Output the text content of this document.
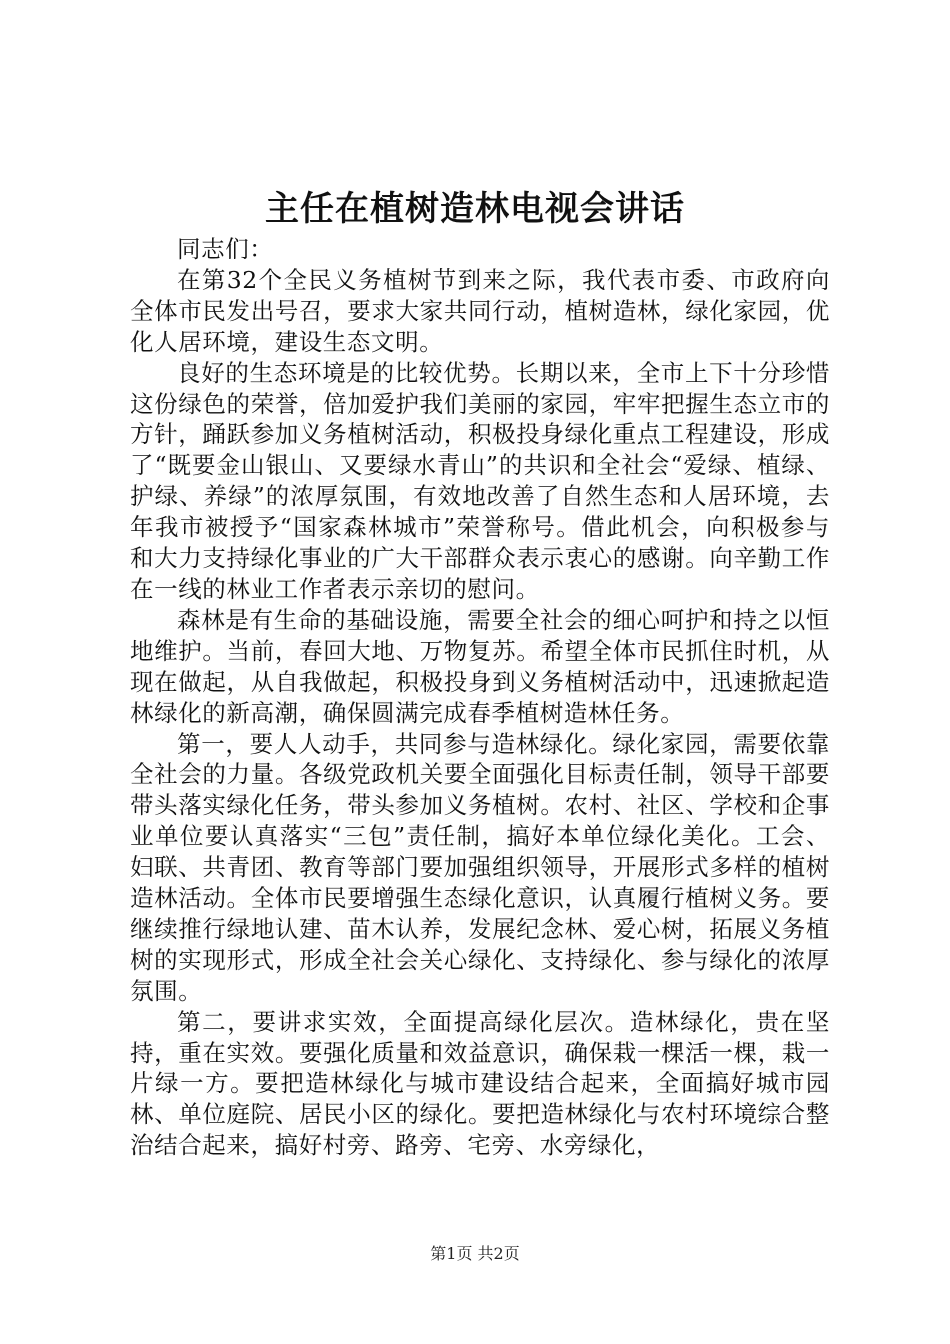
主任在植树造林电视会讲话

同志们：

在第32个全民义务植树节到来之际，我代表市委、市政府向全体市民发出号召，要求大家共同行动，植树造林，绿化家园，优化人居环境，建设生态文明。

良好的生态环境是的比较优势。长期以来，全市上下十分珍惜这份绿色的荣誉，倍加爱护我们美丽的家园，牢牢把握生态立市的方针，踊跃参加义务植树活动，积极投身绿化重点工程建设，形成了“既要金山银山、又要绿水青山”的共识和全社会“爱绿、植绿、护绿、养绿”的浓厚氛围，有效地改善了自然生态和人居环境，去年我市被授予“国家森林城市”荣誉称号。借此机会，向积极参与和大力支持绿化事业的广大干部群众表示衷心的感谢。向辛勤工作在一线的林业工作者表示亲切的慰问。

森林是有生命的基础设施，需要全社会的细心呵护和持之以恒地维护。当前，春回大地、万物复苏。希望全体市民抓住时机，从现在做起，从自我做起，积极投身到义务植树活动中，迅速掀起造林绿化的新高潮，确保圆满完成春季植树造林任务。

第一，要人人动手，共同参与造林绿化。绿化家园，需要依靠全社会的力量。各级党政机关要全面强化目标责任制，领导干部要带头落实绿化任务，带头参加义务植树。农村、社区、学校和企事业单位要认真落实“三包”责任制，搞好本单位绿化美化。工会、妇联、共青团、教育等部门要加强组织领导，开展形式多样的植树造林活动。全体市民要增强生态绿化意识，认真履行植树义务。要继续推行绿地认建、苗木认养，发展纪念林、爱心树，拓展义务植树的实现形式，形成全社会关心绿化、支持绿化、参与绿化的浓厚氛围。

第二，要讲求实效，全面提高绿化层次。造林绿化，贵在坚持，重在实效。要强化质量和效益意识，确保栽一棵活一棵，栽一片绿一方。要把造林绿化与城市建设结合起来，全面搞好城市园林、单位庭院、居民小区的绿化。要把造林绿化与农村环境综合整治结合起来，搞好村旁、路旁、宅旁、水旁绿化，

第1页 共2页
